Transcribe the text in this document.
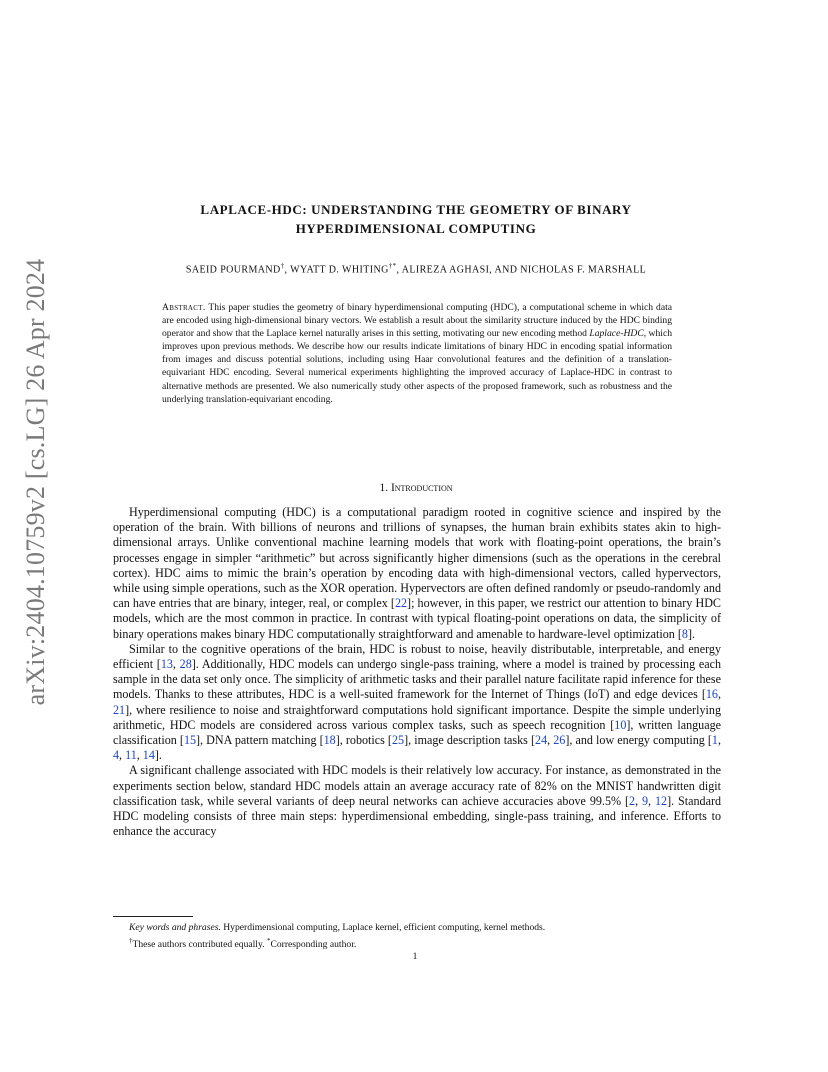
arXiv:2404.10759v2 [cs.LG] 26 Apr 2024
LAPLACE-HDC: UNDERSTANDING THE GEOMETRY OF BINARY
HYPERDIMENSIONAL COMPUTING
SAEID POURMAND†, WYATT D. WHITING†*, ALIREZA AGHASI, AND NICHOLAS F. MARSHALL
Abstract. This paper studies the geometry of binary hyperdimensional computing (HDC), a computational scheme in which data are encoded using high-dimensional binary vectors. We establish a result about the similarity structure induced by the HDC binding operator and show that the Laplace kernel naturally arises in this setting, motivating our new encoding method Laplace-HDC, which improves upon previous methods. We describe how our results indicate limitations of binary HDC in encoding spatial information from images and discuss potential solutions, including using Haar convolutional features and the definition of a translation-equivariant HDC encoding. Several numerical experiments highlighting the improved accuracy of Laplace-HDC in contrast to alternative methods are presented. We also numerically study other aspects of the proposed framework, such as robustness and the underlying translation-equivariant encoding.
1. Introduction

Hyperdimensional computing (HDC) is a computational paradigm rooted in cognitive science and inspired by the operation of the brain. With billions of neurons and trillions of synapses, the human brain exhibits states akin to high-dimensional arrays. Unlike conventional machine learning models that work with floating-point operations, the brain’s processes engage in simpler “arithmetic” but across significantly higher dimensions (such as the operations in the cerebral cortex). HDC aims to mimic the brain’s operation by encoding data with high-dimensional vectors, called hypervectors, while using simple operations, such as the XOR operation. Hypervectors are often defined randomly or pseudo-randomly and can have entries that are binary, integer, real, or complex [22]; however, in this paper, we restrict our attention to binary HDC models, which are the most common in practice. In contrast with typical floating-point operations on data, the simplicity of binary operations makes binary HDC computationally straightforward and amenable to hardware-level optimization [8].

Similar to the cognitive operations of the brain, HDC is robust to noise, heavily distributable, interpretable, and energy efficient [13, 28]. Additionally, HDC models can undergo single-pass training, where a model is trained by processing each sample in the data set only once. The simplicity of arithmetic tasks and their parallel nature facilitate rapid inference for these models. Thanks to these attributes, HDC is a well-suited framework for the Internet of Things (IoT) and edge devices [16, 21], where resilience to noise and straightforward computations hold significant importance. Despite the simple underlying arithmetic, HDC models are considered across various complex tasks, such as speech recognition [10], written language classification [15], DNA pattern matching [18], robotics [25], image description tasks [24, 26], and low energy computing [1, 4, 11, 14].

A significant challenge associated with HDC models is their relatively low accuracy. For instance, as demonstrated in the experiments section below, standard HDC models attain an average accuracy rate of 82% on the MNIST handwritten digit classification task, while several variants of deep neural networks can achieve accuracies above 99.5% [2, 9, 12]. Standard HDC modeling consists of three main steps: hyperdimensional embedding, single-pass training, and inference. Efforts to enhance the accuracy

Key words and phrases. Hyperdimensional computing, Laplace kernel, efficient computing, kernel methods.
†These authors contributed equally. *Corresponding author.
1
